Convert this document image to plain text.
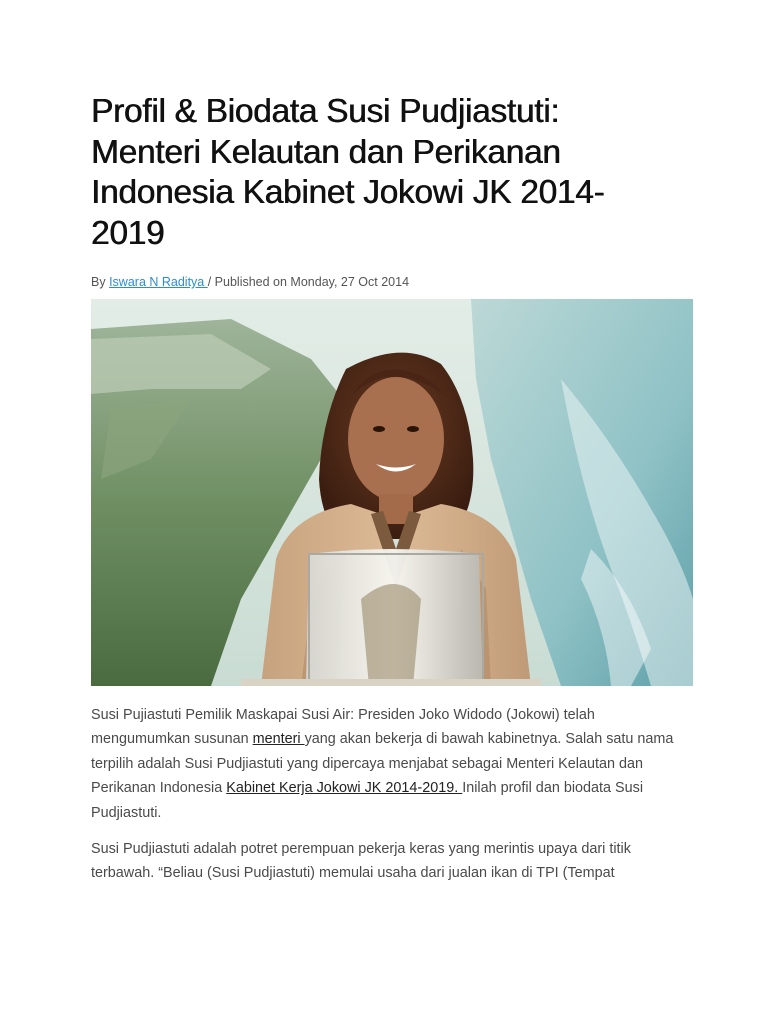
Profil & Biodata Susi Pudjiastuti:
Menteri Kelautan dan Perikanan
Indonesia Kabinet Jokowi JK 2014-
2019
By Iswara N Raditya / Published on Monday, 27 Oct 2014

Susi Pujiastuti Pemilik Maskapai Susi Air: Presiden Joko Widodo (Jokowi) telah mengumumkan susunan menteri yang akan bekerja di bawah kabinetnya. Salah satu nama terpilih adalah Susi Pudjiastuti yang dipercaya menjabat sebagai Menteri Kelautan dan Perikanan Indonesia Kabinet Kerja Jokowi JK 2014-2019. Inilah profil dan biodata Susi Pudjiastuti.

Susi Pudjiastuti adalah potret perempuan pekerja keras yang merintis upaya dari titik terbawah. “Beliau (Susi Pudjiastuti) memulai usaha dari jualan ikan di TPI (Tempat
